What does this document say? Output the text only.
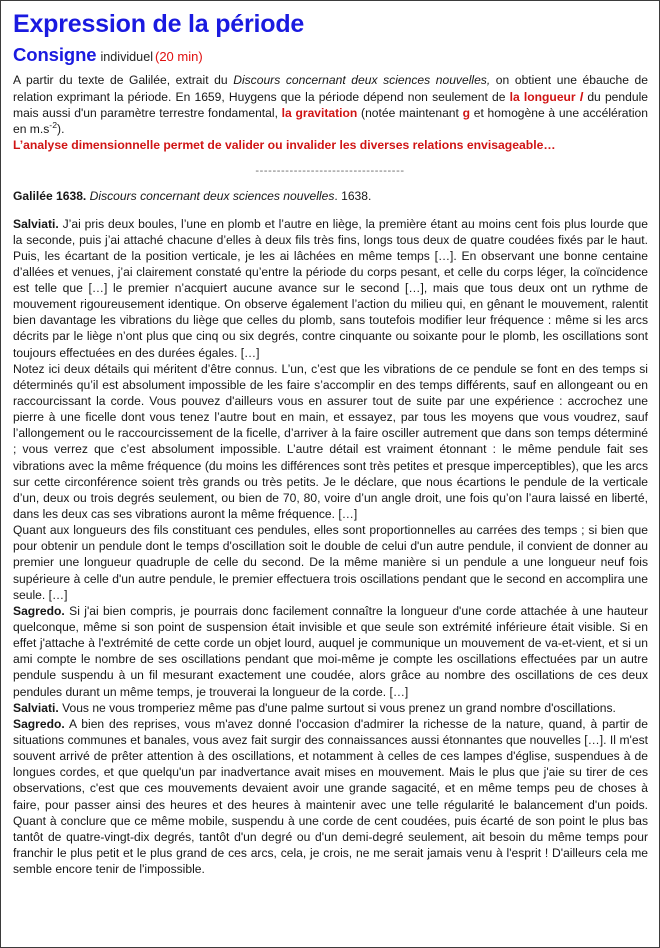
Expression de la période
Consigne individuel (20 min)

A partir du texte de Galilée, extrait du Discours concernant deux sciences nouvelles, on obtient une ébauche de relation exprimant la période. En 1659, Huygens que la période dépend non seulement de la longueur l du pendule mais aussi d'un paramètre terrestre fondamental, la gravitation (notée maintenant g et homogène à une accélération en $m.s^{-2}$).

L’analyse dimensionnelle permet de valider ou invalider les diverses relations envisageable…

-----------------------------------

Galilée 1638. Discours concernant deux sciences nouvelles. 1638.

Salviati. J’ai pris deux boules, l’une en plomb et l’autre en liège, la première étant au moins cent fois plus lourde que la seconde, puis j’ai attaché chacune d’elles à deux fils très fins, longs tous deux de quatre coudées fixés par le haut. Puis, les écartant de la position verticale, je les ai lâchées en même temps […]. En observant une bonne centaine d’allées et venues, j’ai clairement constaté qu’entre la période du corps pesant, et celle du corps léger, la coïncidence est telle que […] le premier n’acquiert aucune avance sur le second […], mais que tous deux ont un rythme de mouvement rigoureusement identique. On observe également l’action du milieu qui, en gênant le mouvement, ralentit bien davantage les vibrations du liège que celles du plomb, sans toutefois modifier leur fréquence : même si les arcs décrits par le liège n’ont plus que cinq ou six degrés, contre cinquante ou soixante pour le plomb, les oscillations sont toujours effectuées en des durées égales. […]

Notez ici deux détails qui méritent d’être connus. L’un, c’est que les vibrations de ce pendule se font en des temps si déterminés qu’il est absolument impossible de les faire s’accomplir en des temps différents, sauf en allongeant ou en raccourcissant la corde. Vous pouvez d'ailleurs vous en assurer tout de suite par une expérience : accrochez une pierre à une ficelle dont vous tenez l’autre bout en main, et essayez, par tous les moyens que vous voudrez, sauf l’allongement ou le raccourcissement de la ficelle, d’arriver à la faire osciller autrement que dans son temps déterminé ; vous verrez que c’est absolument impossible. L’autre détail est vraiment étonnant : le même pendule fait ses vibrations avec la même fréquence (du moins les différences sont très petites et presque imperceptibles), que les arcs sur cette circonférence soient très grands ou très petits. Je le déclare, que nous écartions le pendule de la verticale d’un, deux ou trois degrés seulement, ou bien de 70, 80, voire d’un angle droit, une fois qu’on l’aura laissé en liberté, dans les deux cas ses vibrations auront la même fréquence. […]

Quant aux longueurs des fils constituant ces pendules, elles sont proportionnelles au carrées des temps ; si bien que pour obtenir un pendule dont le temps d'oscillation soit le double de celui d'un autre pendule, il convient de donner au premier une longueur quadruple de celle du second. De la même manière si un pendule a une longueur neuf fois supérieure à celle d'un autre pendule, le premier effectuera trois oscillations pendant que le second en accomplira une seule. […]

Sagredo. Si j'ai bien compris, je pourrais donc facilement connaître la longueur d'une corde attachée à une hauteur quelconque, même si son point de suspension était invisible et que seule son extrémité inférieure était visible. Si en effet j'attache à l'extrémité de cette corde un objet lourd, auquel je communique un mouvement de va-et-vient, et si un ami compte le nombre de ses oscillations pendant que moi-même je compte les oscillations effectuées par un autre pendule suspendu à un fil mesurant exactement une coudée, alors grâce au nombre des oscillations de ces deux pendules durant un même temps, je trouverai la longueur de la corde. […]

Salviati. Vous ne vous tromperiez même pas d'une palme surtout si vous prenez un grand nombre d'oscillations.

Sagredo. A bien des reprises, vous m'avez donné l'occasion d'admirer la richesse de la nature, quand, à partir de situations communes et banales, vous avez fait surgir des connaissances aussi étonnantes que nouvelles […]. Il m'est souvent arrivé de prêter attention à des oscillations, et notamment à celles de ces lampes d'église, suspendues à de longues cordes, et que quelqu'un par inadvertance avait mises en mouvement. Mais le plus que j'aie su tirer de ces observations, c'est que ces mouvements devaient avoir une grande sagacité, et en même temps peu de choses à faire, pour passer ainsi des heures et des heures à maintenir avec une telle régularité le balancement d'un poids. Quant à conclure que ce même mobile, suspendu à une corde de cent coudées, puis écarté de son point le plus bas tantôt de quatre-vingt-dix degrés, tantôt d'un degré ou d'un demi-degré seulement, ait besoin du même temps pour franchir le plus petit et le plus grand de ces arcs, cela, je crois, ne me serait jamais venu à l'esprit ! D'ailleurs cela me semble encore tenir de l'impossible.
